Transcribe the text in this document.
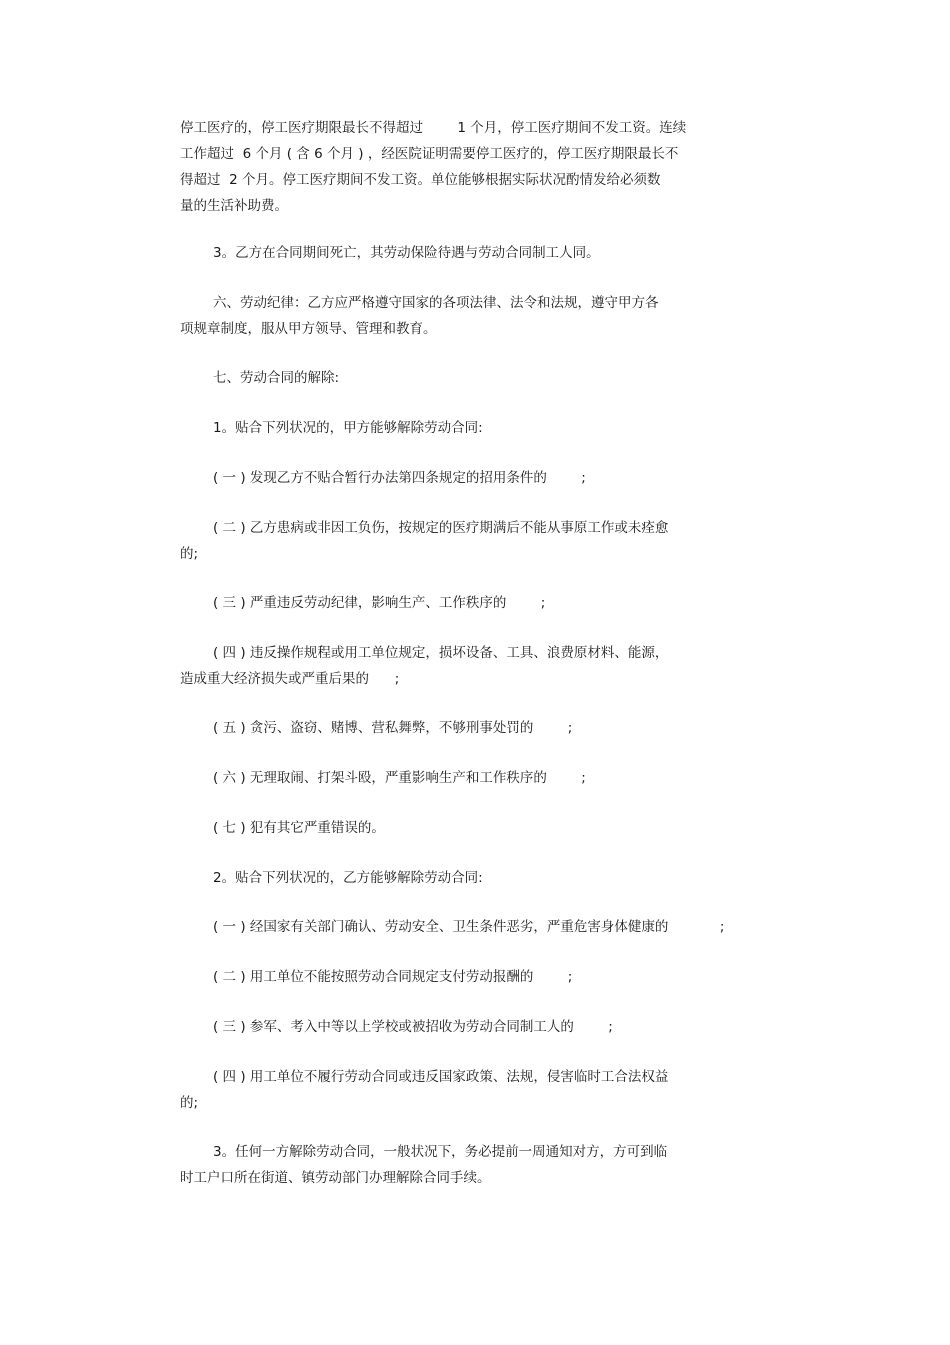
停工医疗的，停工医疗期限最长不得超过        1 个月，停工医疗期间不发工资。连续
工作超过  6 个月 ( 含 6 个月 ) ，经医院证明需要停工医疗的，停工医疗期限最长不
得超过  2 个月。停工医疗期间不发工资。单位能够根据实际状况酌情发给必须数
量的生活补助费。
3。乙方在合同期间死亡，其劳动保险待遇与劳动合同制工人同。
六、劳动纪律：乙方应严格遵守国家的各项法律、法令和法规，遵守甲方各
项规章制度，服从甲方领导、管理和教育。
七、劳动合同的解除:
1。贴合下列状况的，甲方能够解除劳动合同:
( 一 ) 发现乙方不贴合暂行办法第四条规定的招用条件的        ;
( 二 ) 乙方患病或非因工负伤，按规定的医疗期满后不能从事原工作或未痊愈
的;
( 三 ) 严重违反劳动纪律，影响生产、工作秩序的        ;
( 四 ) 违反操作规程或用工单位规定，损坏设备、工具、浪费原材料、能源，
造成重大经济损失或严重后果的      ;
( 五 ) 贪污、盗窃、赌博、营私舞弊，不够刑事处罚的        ;
( 六 ) 无理取闹、打架斗殴，严重影响生产和工作秩序的        ;
( 七 ) 犯有其它严重错误的。
2。贴合下列状况的，乙方能够解除劳动合同:
( 一 ) 经国家有关部门确认、劳动安全、卫生条件恶劣，严重危害身体健康的            ;
( 二 ) 用工单位不能按照劳动合同规定支付劳动报酬的        ;
( 三 ) 参军、考入中等以上学校或被招收为劳动合同制工人的        ;
( 四 ) 用工单位不履行劳动合同或违反国家政策、法规，侵害临时工合法权益
的;
3。任何一方解除劳动合同，一般状况下，务必提前一周通知对方，方可到临
时工户口所在街道、镇劳动部门办理解除合同手续。
